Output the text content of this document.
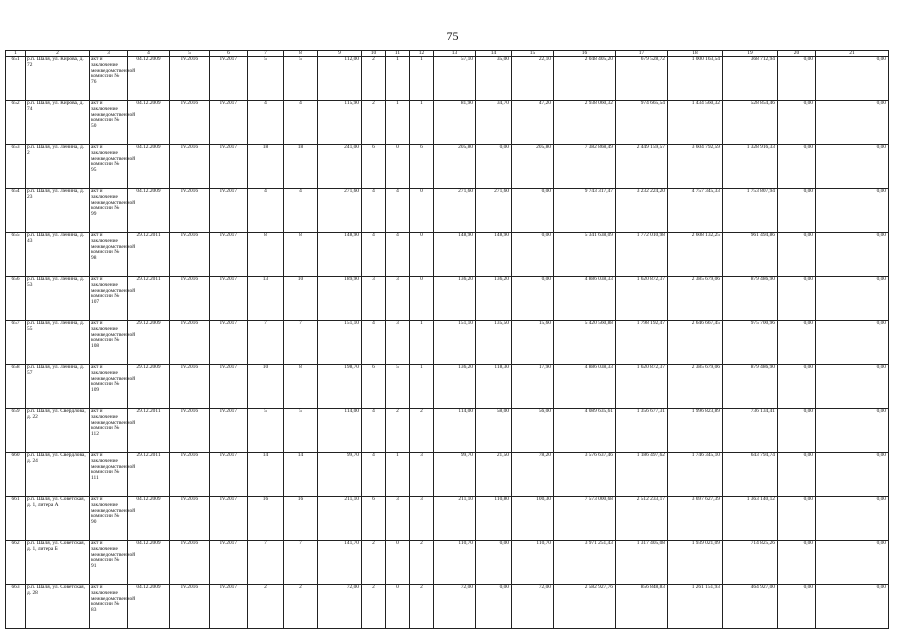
75
1	2	3	4	5	6	7	8	9	10	11	12	13	14	15	16	17	18	19	20	21
651	р.п. Шаля, ул. Кирова, д. 72	акт и заключение межведомственной комиссии № 76	04.12.2009	IV.2016	IV.2017	5	5	112,00	2	1	1	57,10	35,00	22,10	2 048 405,20	679 528,72	1 000 163,54	368 712,94	0,00	0,00
652	р.п. Шаля, ул. Кирова, д. 74	акт и заключение межведомственной комиссии № 50	04.12.2009	IV.2016	IV.2017	4	4	115,90	2	1	1	81,90	34,70	47,20	2 938 060,32	974 665,54	1 434 560,32	528 854,46	0,00	0,00
653	р.п. Шаля, ул. Ленина, д. 2	акт и заключение межведомственной комиссии № 95	04.12.2009	IV.2016	IV.2017	18	18	241,00	6	0	6	205,80	0,00	205,80	7 382 868,49	2 449 159,57	3 604 792,59	1 328 916,33	0,00	0,00
654	р.п. Шаля, ул. Ленина, д. 23	акт и заключение межведомственной комиссии № 99	04.12.2009	IV.2016	IV.2017	4	4	271,60	4	4	0	271,60	271,60	0,00	9 743 317,47	3 232 224,20	4 757 345,33	1 753 807,94	0,00	0,00
655	р.п. Шаля, ул. Ленина, д. 43	акт и заключение межведомственной комиссии № 98	29.12.2011	IV.2016	IV.2017	8	8	148,90	4	4	0	148,90	148,90	0,00	5 341 638,09	1 772 010,98	2 608 132,25	961 494,86	0,00	0,00
656	р.п. Шаля, ул. Ленина, д. 53	акт и заключение межведомственной комиссии № 107	29.12.2011	IV.2016	IV.2017	13	10	189,90	3	3	0	136,20	136,20	0,00	4 886 038,33	1 620 872,37	2 385 679,06	879 486,90	0,00	0,00
657	р.п. Шаля, ул. Ленина, д. 55	акт и заключение межведомственной комиссии № 108	29.12.2009	IV.2016	IV.2017	7	7	151,10	4	3	1	151,10	135,50	15,60	5 420 560,88	1 798 192,47	2 646 667,45	975 700,96	0,00	0,00
658	р.п. Шаля, ул. Ленина, д. 57	акт и заключение межведомственной комиссии № 109	29.12.2009	IV.2016	IV.2017	10	8	198,70	6	5	1	136,20	118,30	17,90	4 886 038,33	1 620 872,37	2 385 679,06	879 486,90	0,00	0,00
659	р.п. Шаля, ул. Свердлова, д. 22	акт и заключение межведомственной комиссии № 112	29.12.2011	IV.2016	IV.2017	5	5	114,00	4	2	2	114,00	58,00	56,00	4 089 635,61	1 356 677,31	1 996 823,89	736 134,41	0,00	0,00
660	р.п. Шаля, ул. Свердлова, д. 24	акт и заключение межведомственной комиссии № 111	29.12.2011	IV.2016	IV.2017	14	14	99,70	4	1	3	99,70	21,50	78,20	3 576 637,46	1 186 497,62	1 746 345,10	643 794,74	0,00	0,00
661	р.п. Шаля, ул. Советская, д. 1, литера А	акт и заключение межведомственной комиссии № 90	04.12.2009	IV.2016	IV.2017	16	16	211,10	6	3	3	211,10	110,80	100,30	7 573 000,68	2 512 233,17	3 697 627,39	1 363 140,12	0,00	0,00
662	р.п. Шаля, ул. Советская, д. 1, литера Б	акт и заключение межведомственной комиссии № 91	04.12.2009	IV.2016	IV.2017	7	7	141,70	2	0	2	110,70	0,00	110,70	3 971 251,43	1 317 405,08	1 939 021,09	714 825,26	0,00	0,00
663	р.п. Шаля, ул. Советская, д. 28	акт и заключение межведомственной комиссии № 83	04.12.2009	IV.2016	IV.2017	2	2	72,00	2	0	2	72,00	0,00	72,00	2 582 927,76	856 848,83	1 261 151,93	464 927,00	0,00	0,00
